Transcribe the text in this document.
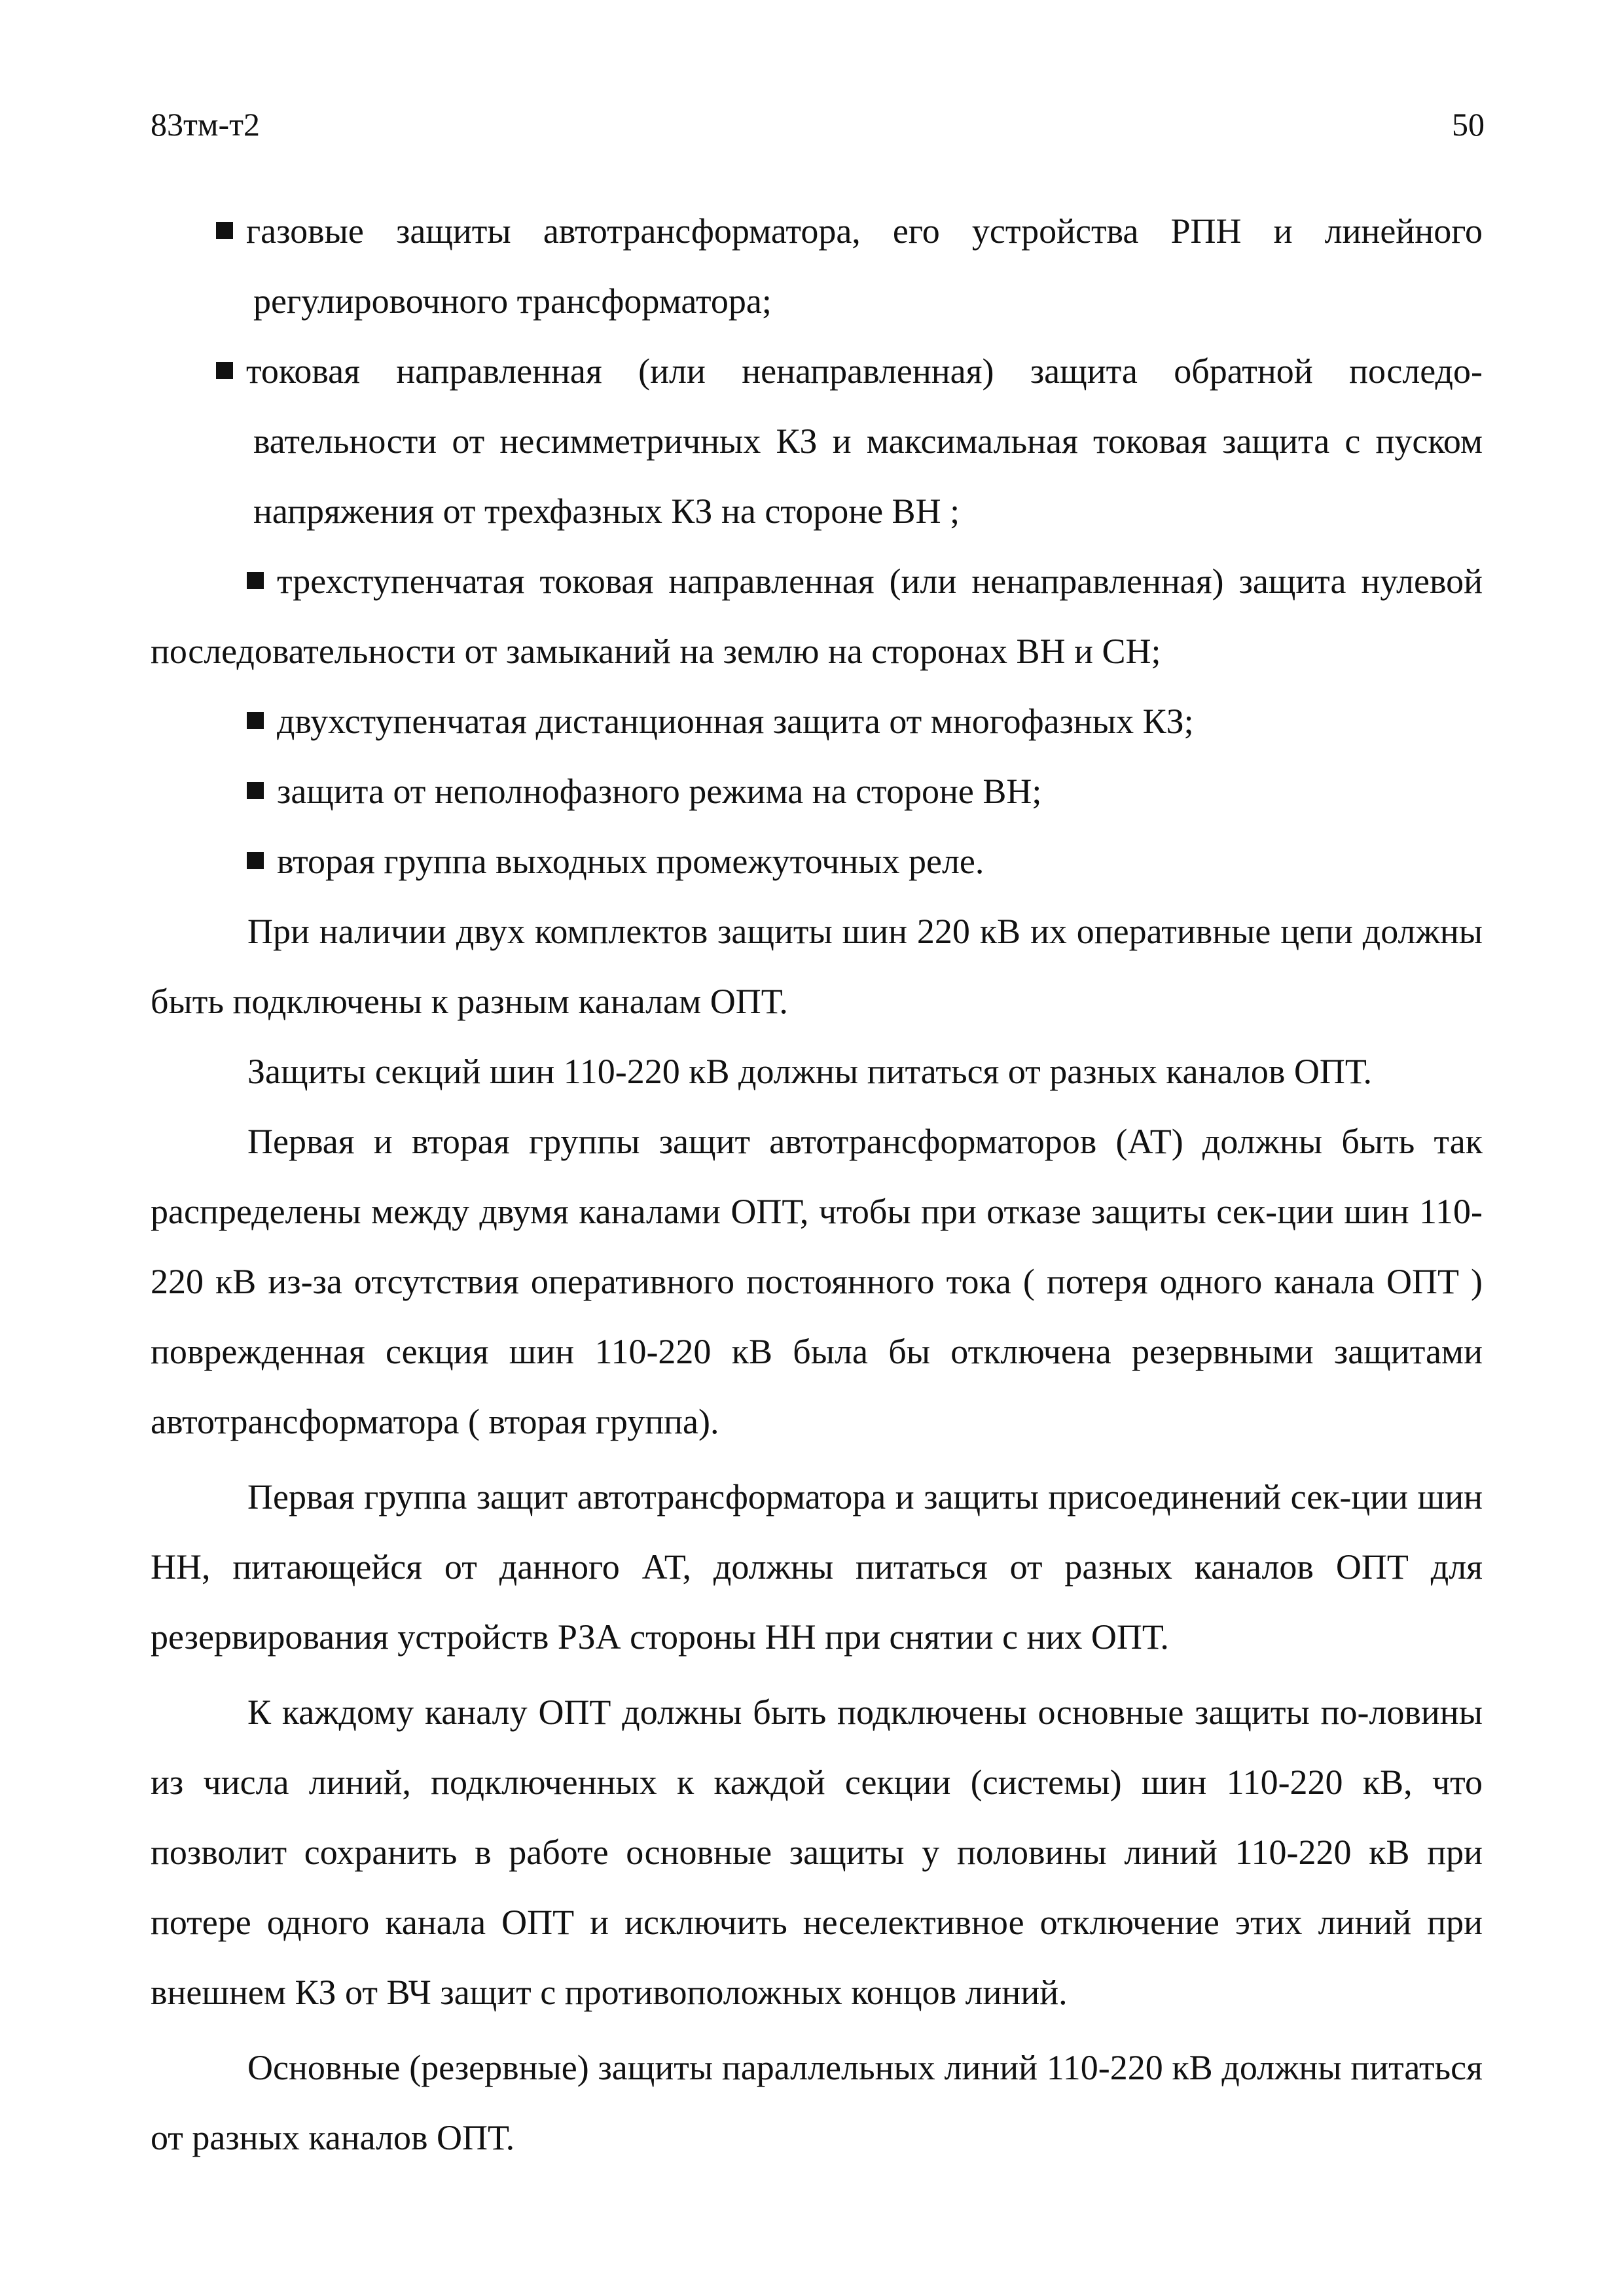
83тм-т2	50

газовые защиты автотрансформатора, его устройства РПН и линейного регулировочного трансформатора;

токовая направленная (или ненаправленная) защита обратной последо-вательности от несимметричных КЗ и максимальная токовая защита с пуском напряжения от трехфазных КЗ на стороне ВН ;

трехступенчатая токовая направленная (или ненаправленная) защита нулевой последовательности от замыканий на землю на сторонах ВН и СН;

двухступенчатая дистанционная защита от многофазных КЗ;

защита от неполнофазного режима на стороне ВН;

вторая группа выходных промежуточных реле.

При наличии двух комплектов защиты шин 220 кВ их оперативные цепи должны быть подключены к разным каналам ОПТ.

Защиты секций шин 110-220 кВ должны питаться от разных каналов ОПТ.

Первая и вторая группы защит автотрансформаторов (АТ) должны быть так распределены между двумя каналами ОПТ, чтобы при отказе защиты сек-ции шин 110-220 кВ из-за отсутствия оперативного постоянного тока ( потеря одного канала ОПТ ) поврежденная секция шин 110-220 кВ была бы отключена резервными защитами автотрансформатора ( вторая группа).

Первая группа защит автотрансформатора и защиты присоединений сек-ции шин НН, питающейся от данного АТ, должны питаться от разных каналов ОПТ для резервирования устройств РЗА стороны НН при снятии с них ОПТ.

К каждому каналу ОПТ должны быть подключены основные защиты по-ловины из числа линий, подключенных к каждой секции (системы) шин 110-220 кВ, что позволит сохранить в работе основные защиты у половины линий 110-220 кВ при потере одного канала ОПТ и исключить неселективное отключение этих линий при внешнем КЗ от ВЧ защит с противоположных концов линий.

Основные (резервные) защиты параллельных линий 110-220 кВ должны питаться от разных каналов ОПТ.
